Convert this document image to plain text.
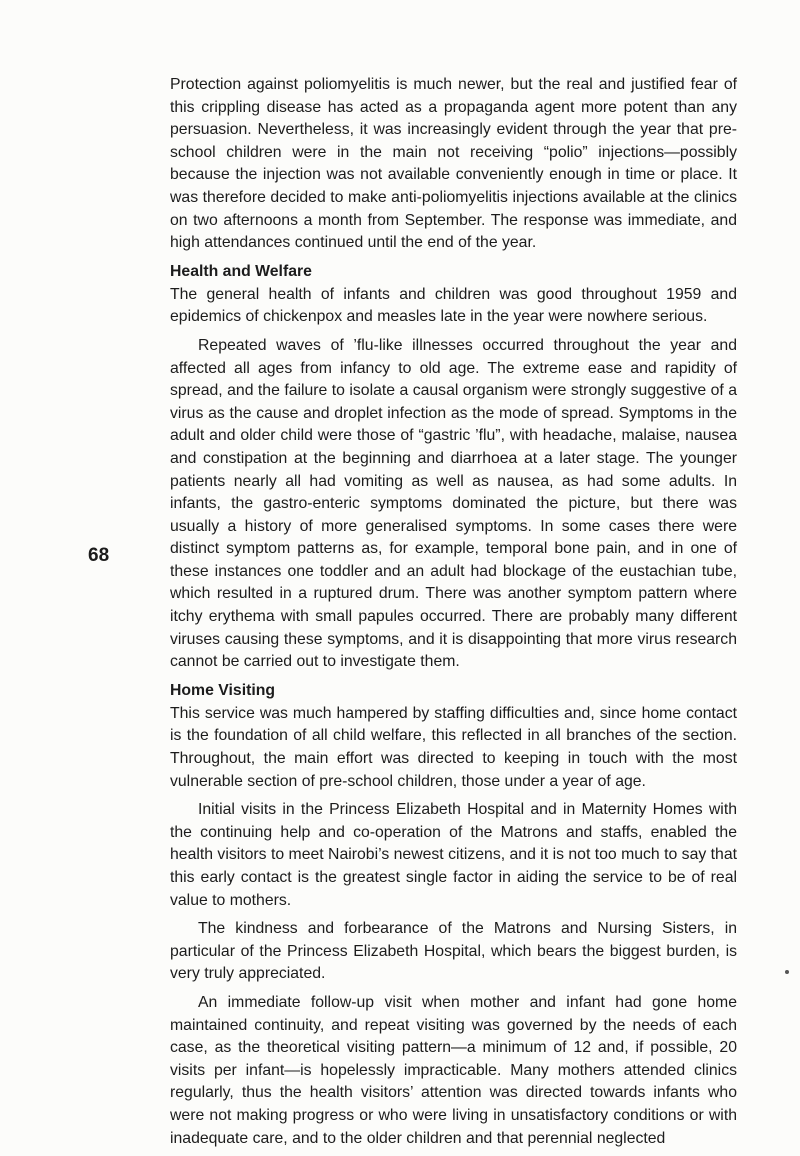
68

Protection against poliomyelitis is much newer, but the real and justified fear of this crippling disease has acted as a propaganda agent more potent than any persuasion. Nevertheless, it was increasingly evident through the year that pre-school children were in the main not receiving “polio” injections—possibly because the injection was not available conveniently enough in time or place. It was therefore decided to make anti-poliomyelitis injections available at the clinics on two afternoons a month from September. The response was immediate, and high attendances continued until the end of the year.

Health and Welfare

The general health of infants and children was good throughout 1959 and epidemics of chickenpox and measles late in the year were nowhere serious.

Repeated waves of ’flu-like illnesses occurred throughout the year and affected all ages from infancy to old age. The extreme ease and rapidity of spread, and the failure to isolate a causal organism were strongly suggestive of a virus as the cause and droplet infection as the mode of spread. Symptoms in the adult and older child were those of “gastric ’flu”, with headache, malaise, nausea and constipation at the beginning and diarrhoea at a later stage. The younger patients nearly all had vomiting as well as nausea, as had some adults. In infants, the gastro-enteric symptoms dominated the picture, but there was usually a history of more generalised symptoms. In some cases there were distinct symptom patterns as, for example, temporal bone pain, and in one of these instances one toddler and an adult had blockage of the eustachian tube, which resulted in a ruptured drum. There was another symptom pattern where itchy erythema with small papules occurred. There are probably many different viruses causing these symptoms, and it is disappointing that more virus research cannot be carried out to investigate them.

Home Visiting

This service was much hampered by staffing difficulties and, since home contact is the foundation of all child welfare, this reflected in all branches of the section. Throughout, the main effort was directed to keeping in touch with the most vulnerable section of pre-school children, those under a year of age.

Initial visits in the Princess Elizabeth Hospital and in Maternity Homes with the continuing help and co-operation of the Matrons and staffs, enabled the health visitors to meet Nairobi’s newest citizens, and it is not too much to say that this early contact is the greatest single factor in aiding the service to be of real value to mothers.

The kindness and forbearance of the Matrons and Nursing Sisters, in particular of the Princess Elizabeth Hospital, which bears the biggest burden, is very truly appreciated.

An immediate follow-up visit when mother and infant had gone home maintained continuity, and repeat visiting was governed by the needs of each case, as the theoretical visiting pattern—a minimum of 12 and, if possible, 20 visits per infant—is hopelessly impracticable. Many mothers attended clinics regularly, thus the health visitors’ attention was directed towards infants who were not making progress or who were living in unsatisfactory conditions or with inadequate care, and to the older children and that perennial neglected
